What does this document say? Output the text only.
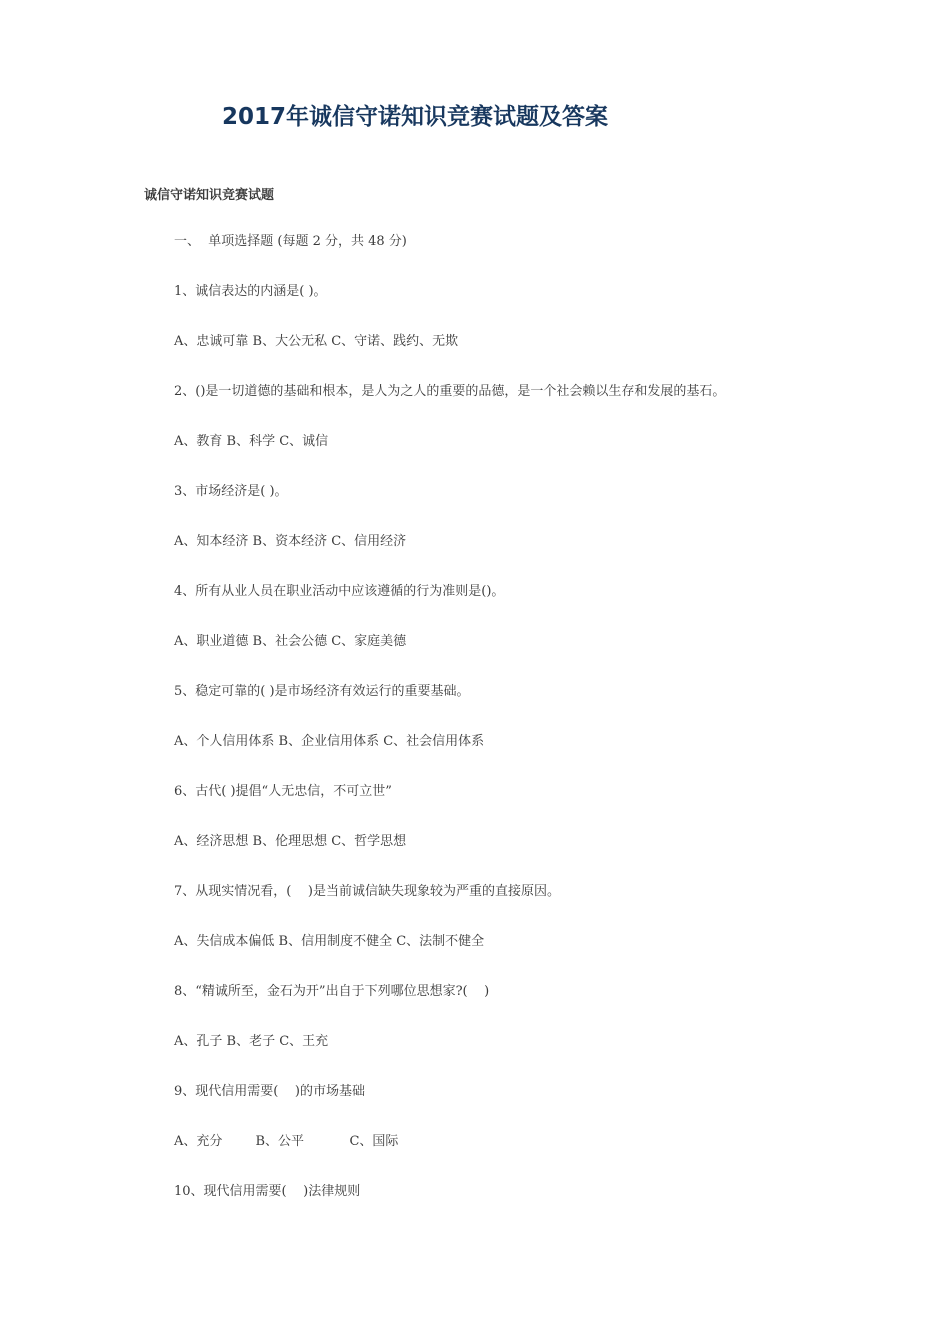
2017年诚信守诺知识竞赛试题及答案
诚信守诺知识竞赛试题
一、  单项选择题 (每题 2 分，共 48 分)
1、诚信表达的内涵是( )。
A、忠诚可靠 B、大公无私 C、守诺、践约、无欺
2、()是一切道德的基础和根本，是人为之人的重要的品德，是一个社会赖以生存和发展的基石。
A、教育 B、科学 C、诚信
3、市场经济是( )。
A、知本经济 B、资本经济 C、信用经济
4、所有从业人员在职业活动中应该遵循的行为准则是()。
A、职业道德 B、社会公德 C、家庭美德
5、稳定可靠的( )是市场经济有效运行的重要基础。
A、个人信用体系 B、企业信用体系 C、社会信用体系
6、古代( )提倡“人无忠信，不可立世”
A、经济思想 B、伦理思想 C、哲学思想
7、从现实情况看，(    )是当前诚信缺失现象较为严重的直接原因。
A、失信成本偏低 B、信用制度不健全 C、法制不健全
8、“精诚所至，金石为开”出自于下列哪位思想家?(    )
A、孔子 B、老子 C、王充
9、现代信用需要(    )的市场基础
A、充分        B、公平           C、国际
10、现代信用需要(    )法律规则
